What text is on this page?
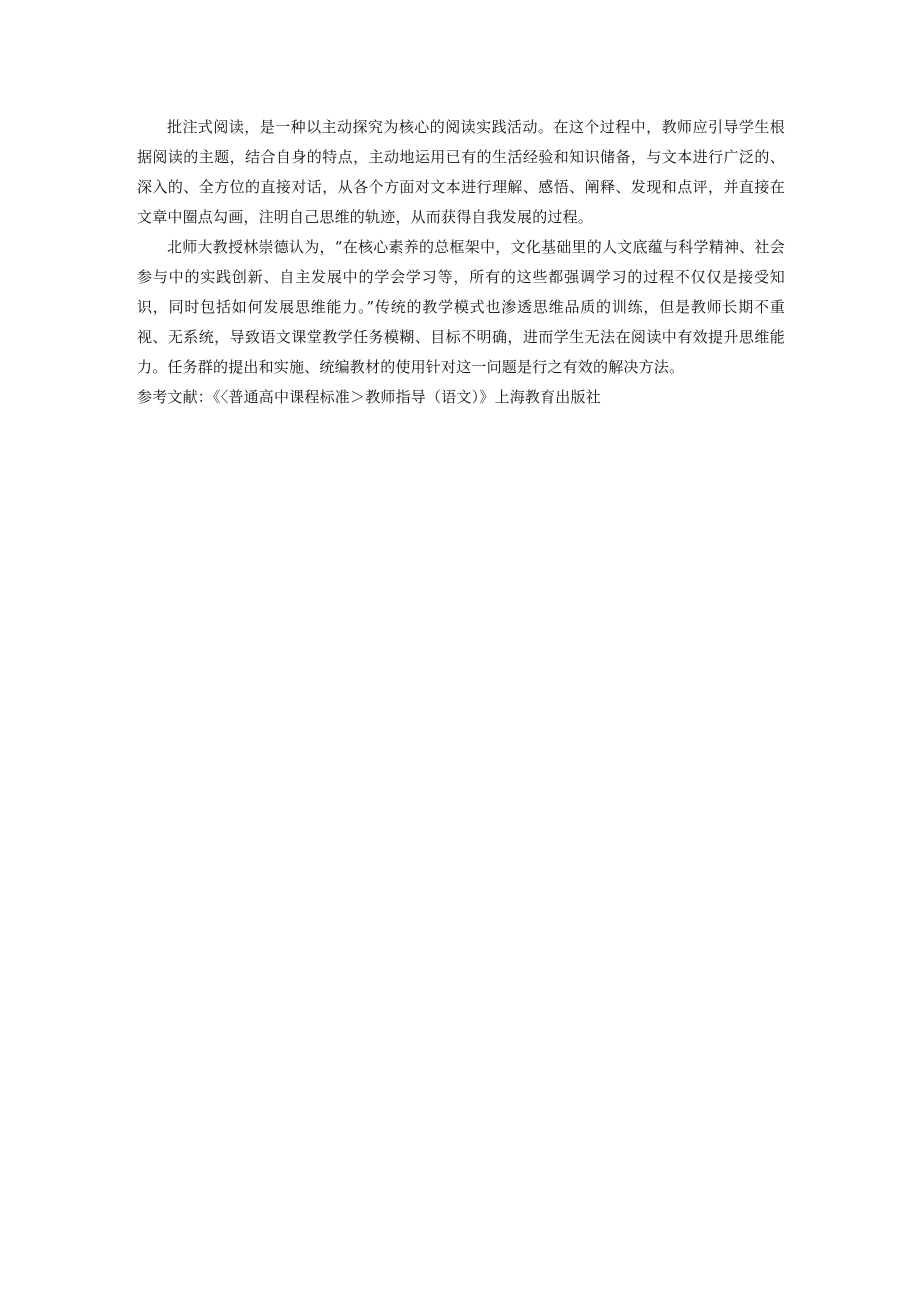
批注式阅读，是一种以主动探究为核心的阅读实践活动。在这个过程中，教师应引导学生根据阅读的主题，结合自身的特点，主动地运用已有的生活经验和知识储备，与文本进行广泛的、深入的、全方位的直接对话，从各个方面对文本进行理解、感悟、阐释、发现和点评，并直接在文章中圈点勾画，注明自己思维的轨迹，从而获得自我发展的过程。

北师大教授林崇德认为，“在核心素养的总框架中，文化基础里的人文底蕴与科学精神、社会参与中的实践创新、自主发展中的学会学习等，所有的这些都强调学习的过程不仅仅是接受知识，同时包括如何发展思维能力。”传统的教学模式也渗透思维品质的训练，但是教师长期不重视、无系统，导致语文课堂教学任务模糊、目标不明确，进而学生无法在阅读中有效提升思维能力。任务群的提出和实施、统编教材的使用针对这一问题是行之有效的解决方法。

参考文献：《〈普通高中课程标准＞教师指导（语文）》上海教育出版社
